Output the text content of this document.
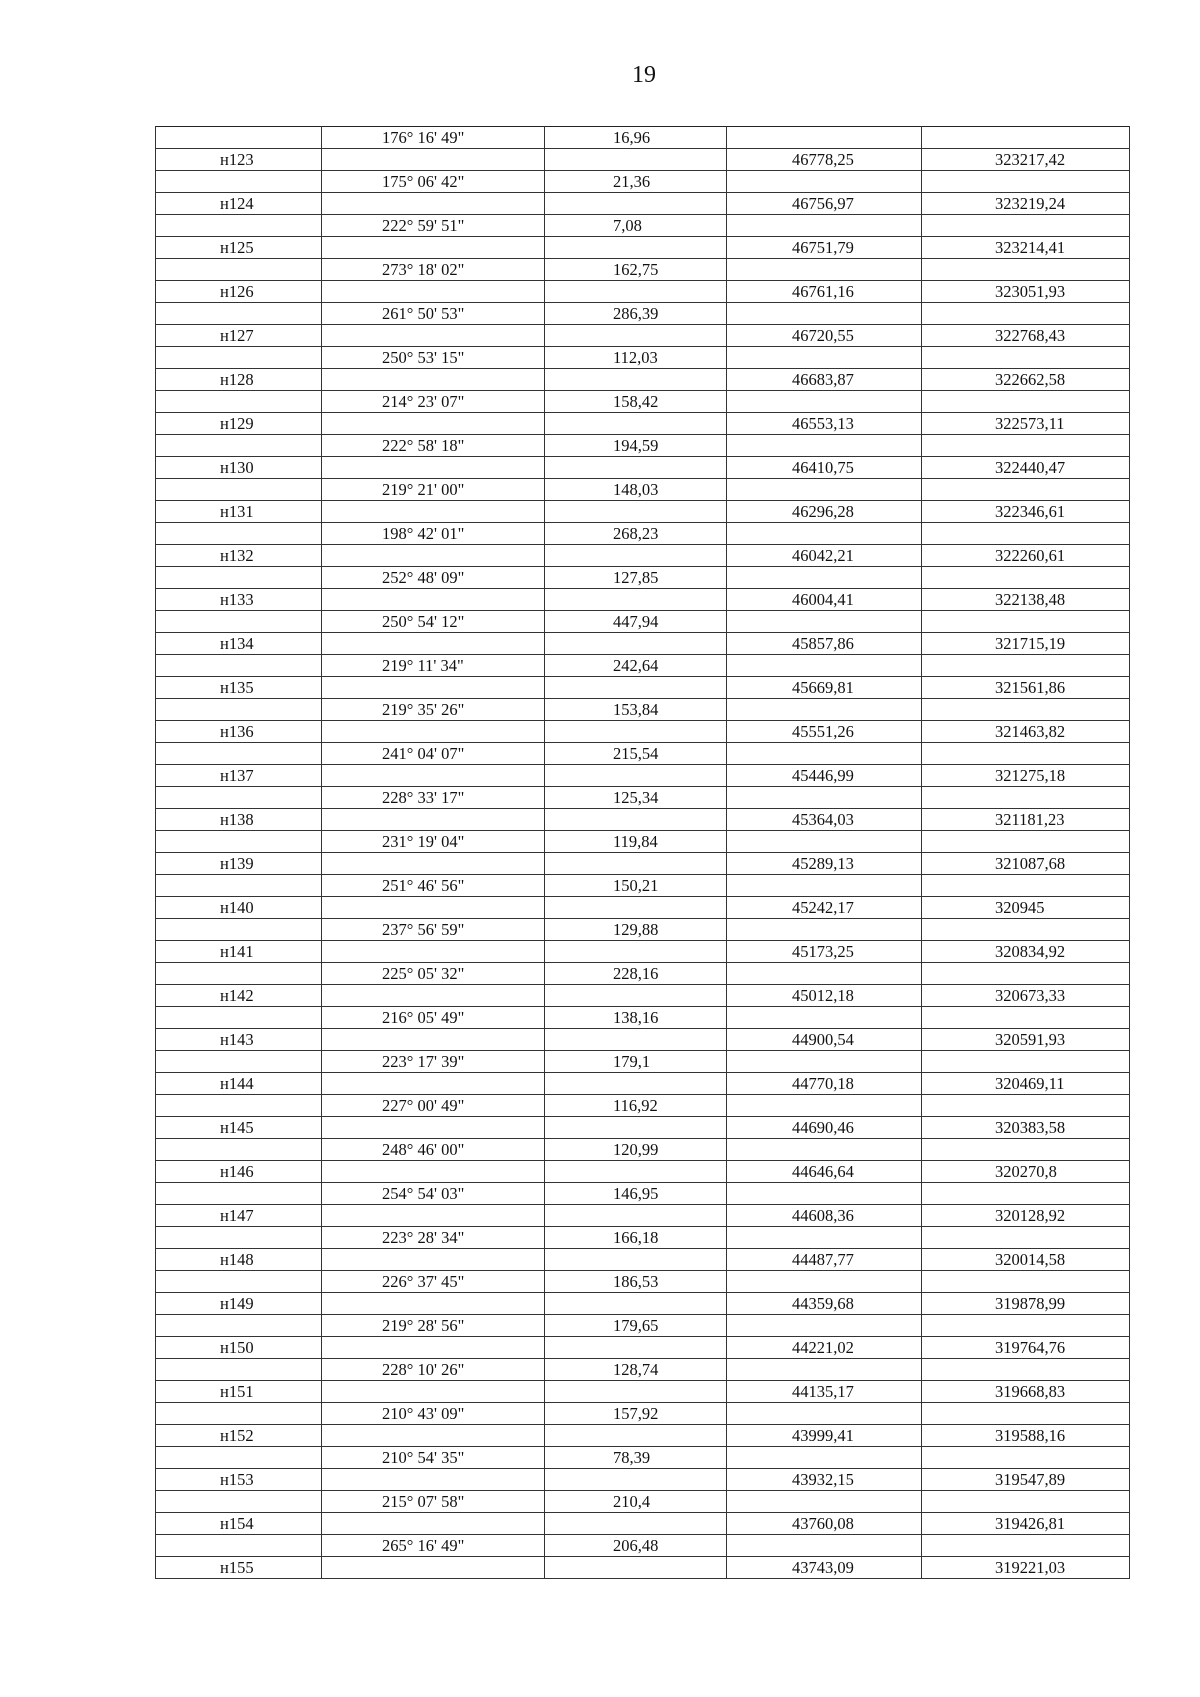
19
	176° 16' 49"	16,96		
н123			46778,25	323217,42
	175° 06' 42"	21,36		
н124			46756,97	323219,24
	222° 59' 51"	7,08		
н125			46751,79	323214,41
	273° 18' 02"	162,75		
н126			46761,16	323051,93
	261° 50' 53"	286,39		
н127			46720,55	322768,43
	250° 53' 15"	112,03		
н128			46683,87	322662,58
	214° 23' 07"	158,42		
н129			46553,13	322573,11
	222° 58' 18"	194,59		
н130			46410,75	322440,47
	219° 21' 00"	148,03		
н131			46296,28	322346,61
	198° 42' 01"	268,23		
н132			46042,21	322260,61
	252° 48' 09"	127,85		
н133			46004,41	322138,48
	250° 54' 12"	447,94		
н134			45857,86	321715,19
	219° 11' 34"	242,64		
н135			45669,81	321561,86
	219° 35' 26"	153,84		
н136			45551,26	321463,82
	241° 04' 07"	215,54		
н137			45446,99	321275,18
	228° 33' 17"	125,34		
н138			45364,03	321181,23
	231° 19' 04"	119,84		
н139			45289,13	321087,68
	251° 46' 56"	150,21		
н140			45242,17	320945
	237° 56' 59"	129,88		
н141			45173,25	320834,92
	225° 05' 32"	228,16		
н142			45012,18	320673,33
	216° 05' 49"	138,16		
н143			44900,54	320591,93
	223° 17' 39"	179,1		
н144			44770,18	320469,11
	227° 00' 49"	116,92		
н145			44690,46	320383,58
	248° 46' 00"	120,99		
н146			44646,64	320270,8
	254° 54' 03"	146,95		
н147			44608,36	320128,92
	223° 28' 34"	166,18		
н148			44487,77	320014,58
	226° 37' 45"	186,53		
н149			44359,68	319878,99
	219° 28' 56"	179,65		
н150			44221,02	319764,76
	228° 10' 26"	128,74		
н151			44135,17	319668,83
	210° 43' 09"	157,92		
н152			43999,41	319588,16
	210° 54' 35"	78,39		
н153			43932,15	319547,89
	215° 07' 58"	210,4		
н154			43760,08	319426,81
	265° 16' 49"	206,48		
н155			43743,09	319221,03
